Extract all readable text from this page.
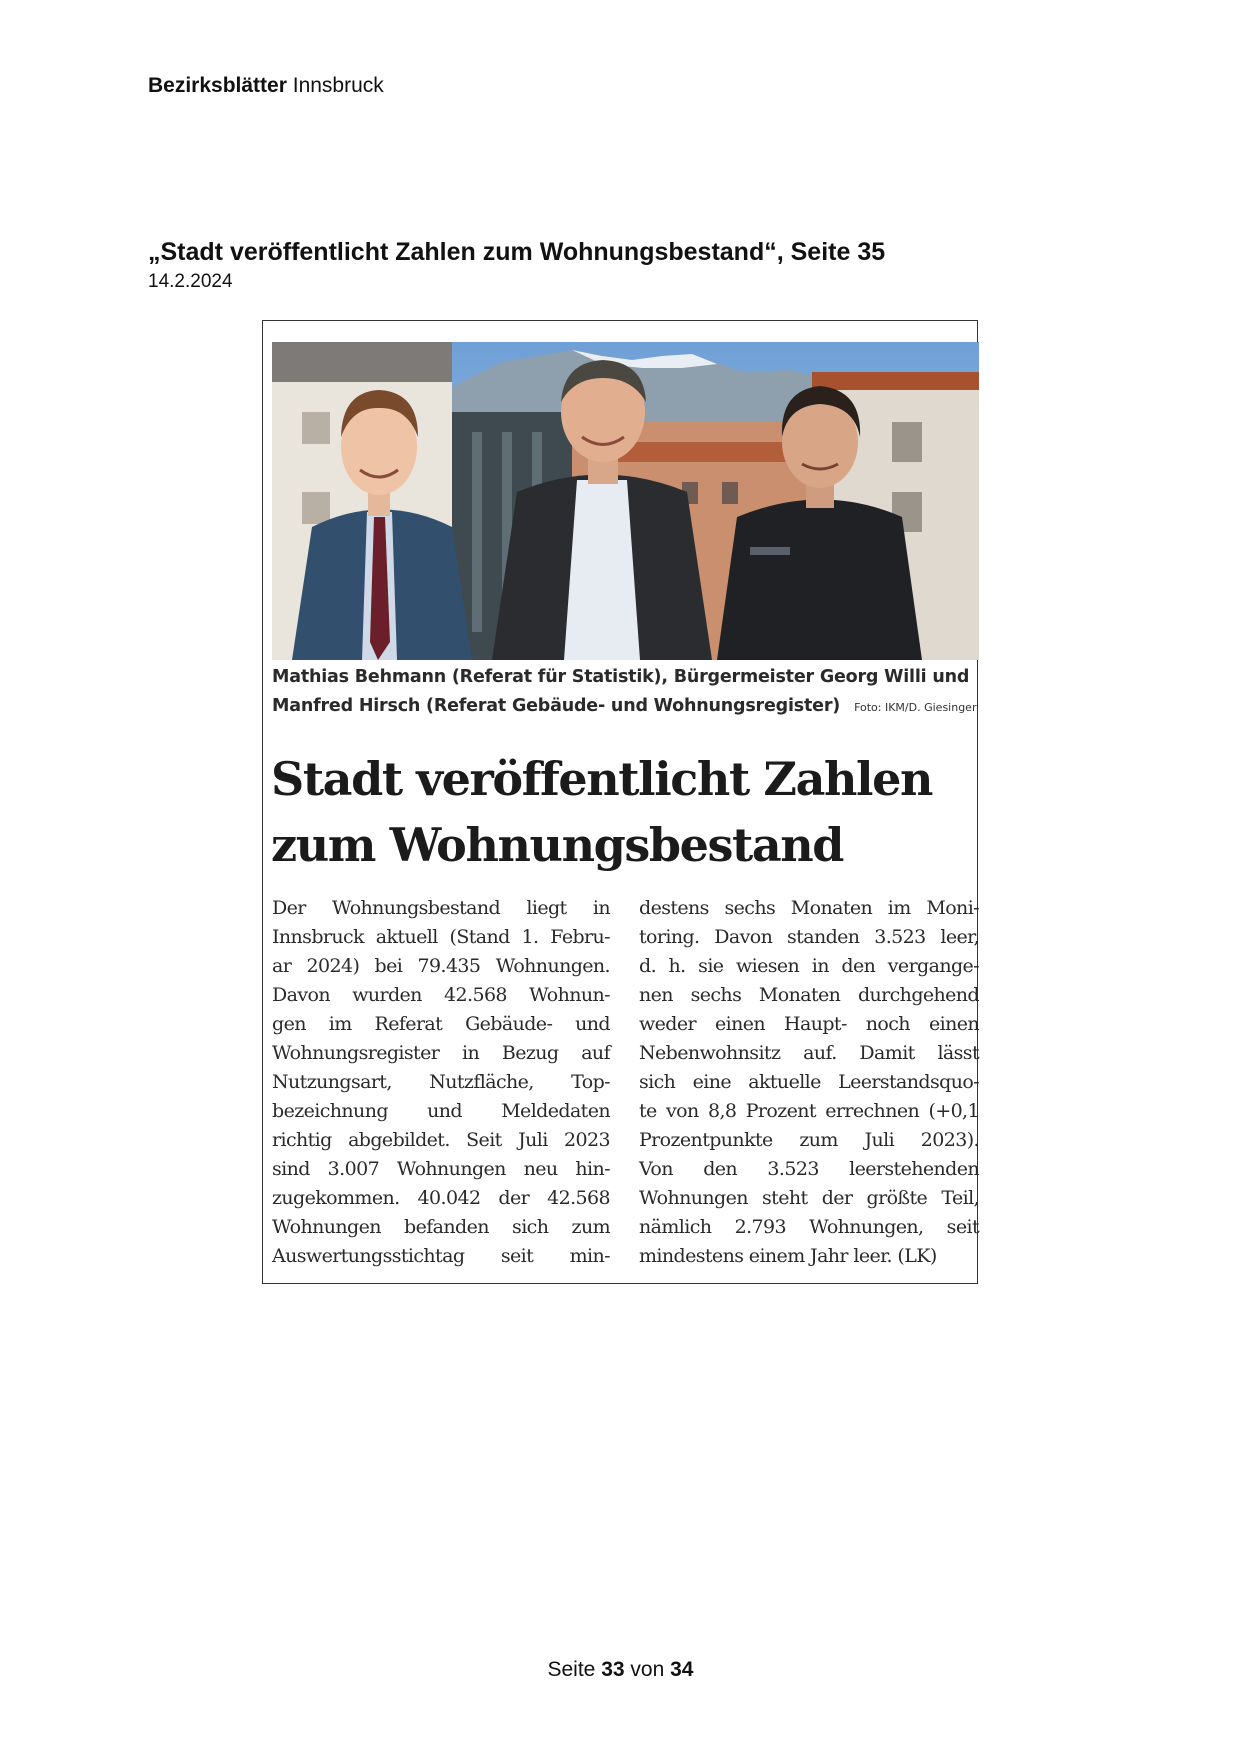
Bezirksblätter Innsbruck
„Stadt veröffentlicht Zahlen zum Wohnungsbestand“, Seite 35
14.2.2024
Mathias Behmann (Referat für Statistik), Bürgermeister Georg Willi und
Manfred Hirsch (Referat Gebäude- und Wohnungsregister) Foto: IKM/D. Giesinger
Stadt veröffentlicht Zahlen
zum Wohnungsbestand
Der Wohnungsbestand liegt in
Innsbruck aktuell (Stand 1. Febru-
ar 2024) bei 79.435 Wohnungen.
Davon wurden 42.568 Wohnun-
gen im Referat Gebäude- und
Wohnungsregister in Bezug auf
Nutzungsart, Nutzfläche, Top-
bezeichnung und Meldedaten
richtig abgebildet. Seit Juli 2023
sind 3.007 Wohnungen neu hin-
zugekommen. 40.042 der 42.568
Wohnungen befanden sich zum
Auswertungsstichtag seit min-
destens sechs Monaten im Moni-
toring. Davon standen 3.523 leer,
d. h. sie wiesen in den vergange-
nen sechs Monaten durchgehend
weder einen Haupt- noch einen
Nebenwohnsitz auf. Damit lässt
sich eine aktuelle Leerstandsquo-
te von 8,8 Prozent errechnen (+0,1
Prozentpunkte zum Juli 2023).
Von den 3.523 leerstehenden
Wohnungen steht der größte Teil,
nämlich 2.793 Wohnungen, seit
mindestens einem Jahr leer. (LK)
Seite 33 von 34
